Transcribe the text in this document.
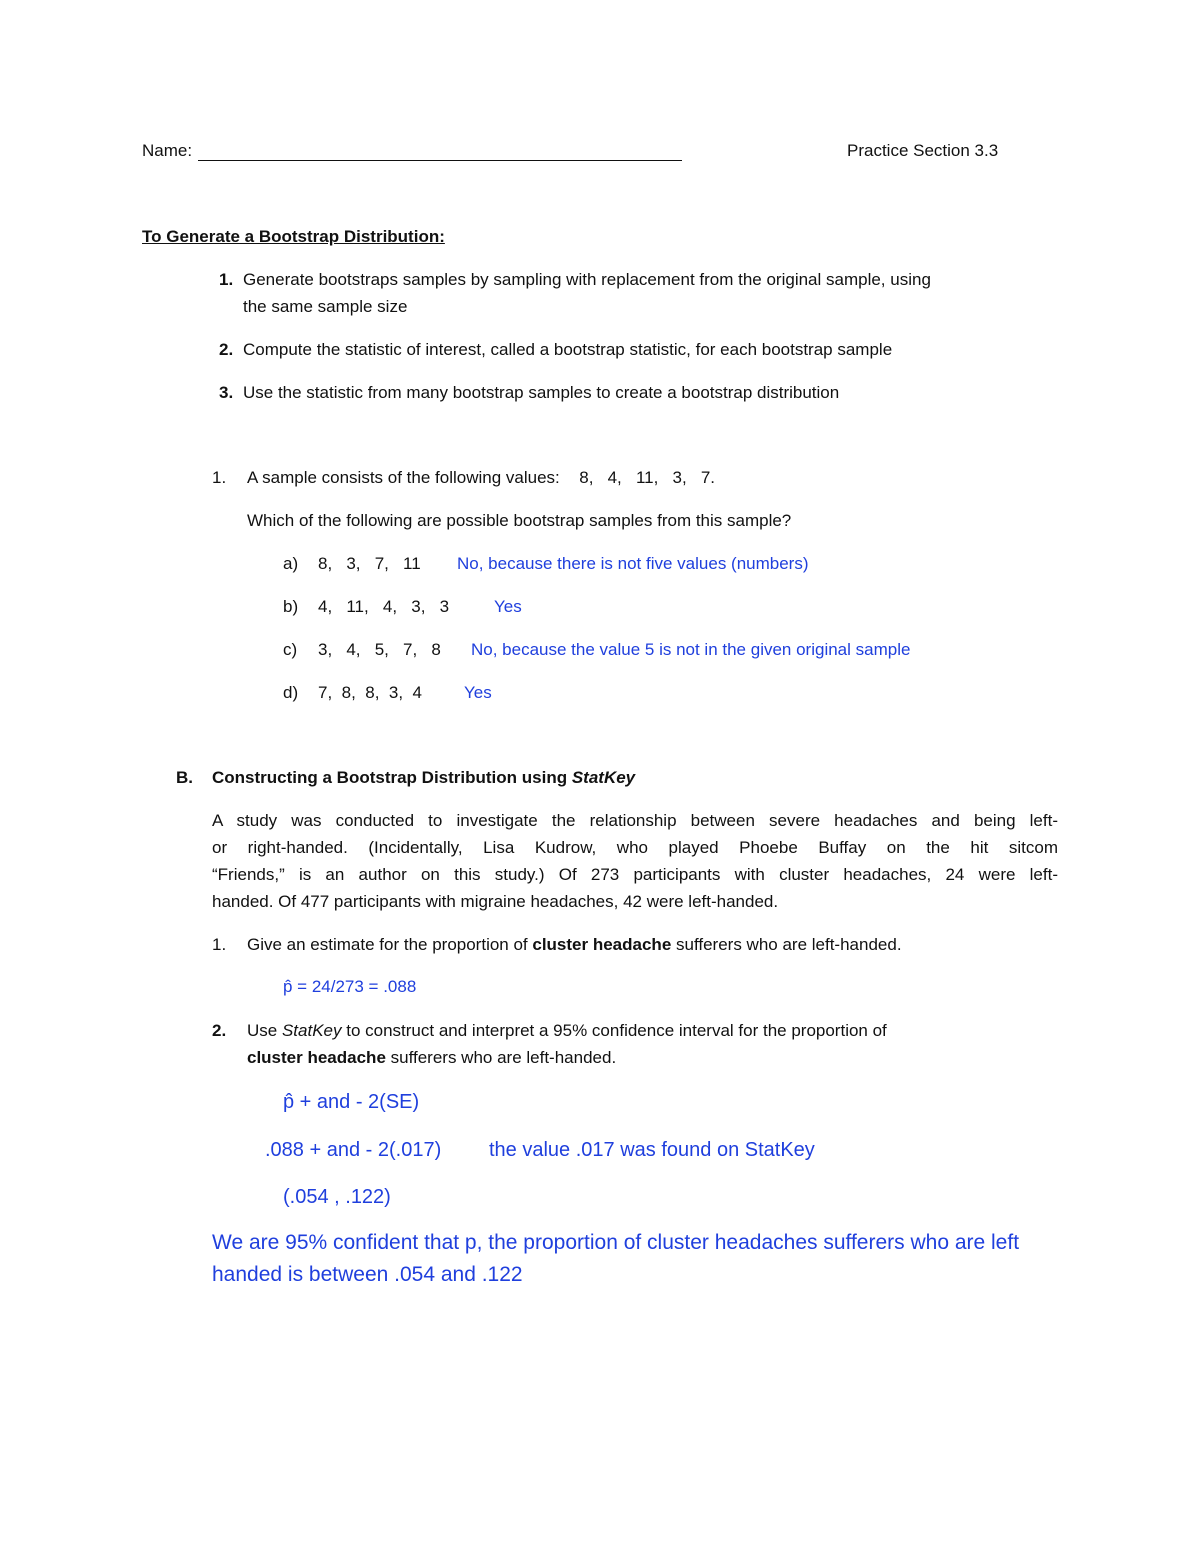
Name:	Practice Section 3.3
To Generate a Bootstrap Distribution:
1. Generate bootstraps samples by sampling with replacement from the original sample, using
the same sample size
2. Compute the statistic of interest, called a bootstrap statistic, for each bootstrap sample
3. Use the statistic from many bootstrap samples to create a bootstrap distribution
1. A sample consists of the following values: 8,   4,   11,   3,   7.
Which of the following are possible bootstrap samples from this sample?
a) 8,   3,   7,   11 No, because there is not five values (numbers)
b) 4,   11,   4,   3,   3	Yes
c) 3,   4,   5,   7,   8 No, because the value 5 is not in the given original sample
d) 7,  8,  8,  3,  4 Yes
B. Constructing a Bootstrap Distribution using StatKey
A study was conducted to investigate the relationship between severe headaches and being left-
or right-handed. (Incidentally, Lisa Kudrow, who played Phoebe Buffay on the hit sitcom
“Friends,” is an author on this study.) Of 273 participants with cluster headaches, 24 were left-
handed. Of 477 participants with migraine headaches, 42 were left-handed.
1. Give an estimate for the proportion of cluster headache sufferers who are left-handed.
p̂ = 24/273 = .088
2. Use StatKey to construct and interpret a 95% confidence interval for the proportion of
cluster headache sufferers who are left-handed.
p̂ + and - 2(SE)
.088 + and - 2(.017) the value .017 was found on StatKey
(.054 , .122)
We are 95% confident that p, the proportion of cluster headaches sufferers who are left
handed is between .054 and .122
